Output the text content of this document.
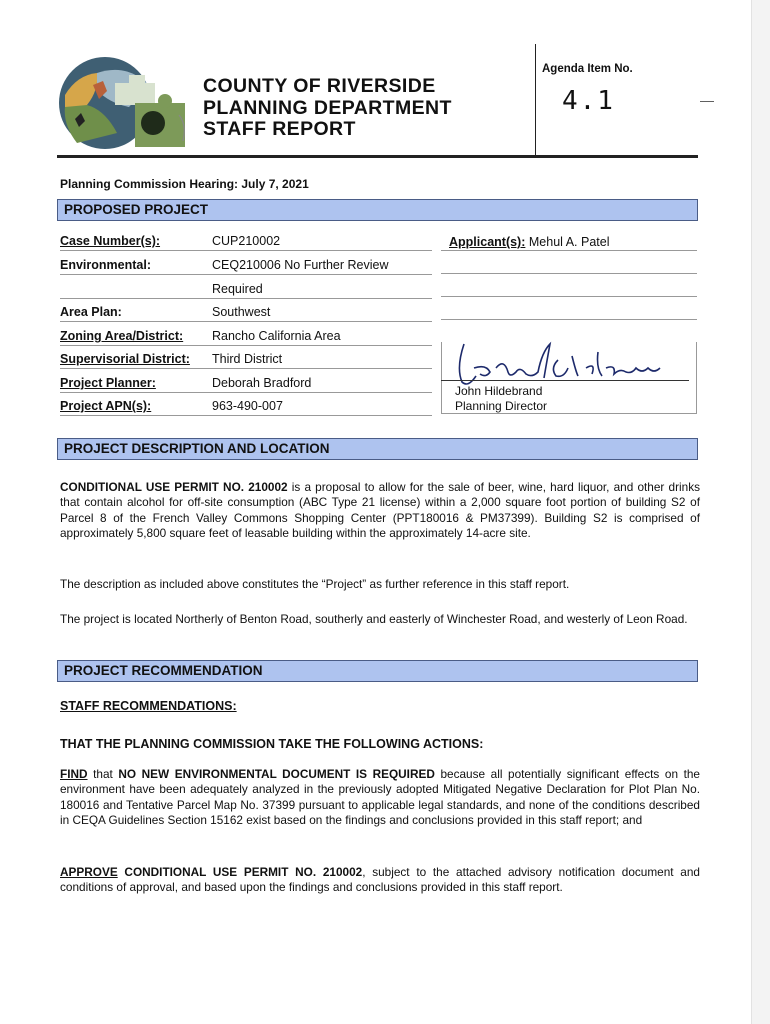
COUNTY OF RIVERSIDE
PLANNING DEPARTMENT
STAFF REPORT
Agenda Item No.
4.1	—
Planning Commission Hearing: July 7, 2021
PROPOSED PROJECT
Case Number(s):	CUP210002
Environmental:	CEQ210006 No Further Review
Required
Area Plan:	Southwest
Zoning Area/District: Rancho California Area
Supervisorial District: Third District
Project Planner:	Deborah Bradford
Project APN(s):	963-490-007
Applicant(s): Mehul A. Patel
John Hildebrand
Planning Director
PROJECT DESCRIPTION AND LOCATION
CONDITIONAL USE PERMIT NO. 210002 is a proposal to allow for the sale of beer, wine, hard liquor, and other drinks that contain alcohol for off-site consumption (ABC Type 21 license) within a 2,000 square foot portion of building S2 of Parcel 8 of the French Valley Commons Shopping Center (PPT180016 & PM37399). Building S2 is comprised of approximately 5,800 square feet of leasable building within the approximately 14-acre site.
The description as included above constitutes the “Project” as further reference in this staff report.
The project is located Northerly of Benton Road, southerly and easterly of Winchester Road, and westerly of Leon Road.
PROJECT RECOMMENDATION
STAFF RECOMMENDATIONS:
THAT THE PLANNING COMMISSION TAKE THE FOLLOWING ACTIONS:
FIND that NO NEW ENVIRONMENTAL DOCUMENT IS REQUIRED because all potentially significant effects on the environment have been adequately analyzed in the previously adopted Mitigated Negative Declaration for Plot Plan No. 180016 and Tentative Parcel Map No. 37399 pursuant to applicable legal standards, and none of the conditions described in CEQA Guidelines Section 15162 exist based on the findings and conclusions provided in this staff report; and
APPROVE CONDITIONAL USE PERMIT NO. 210002, subject to the attached advisory notification document and conditions of approval, and based upon the findings and conclusions provided in this staff report.
